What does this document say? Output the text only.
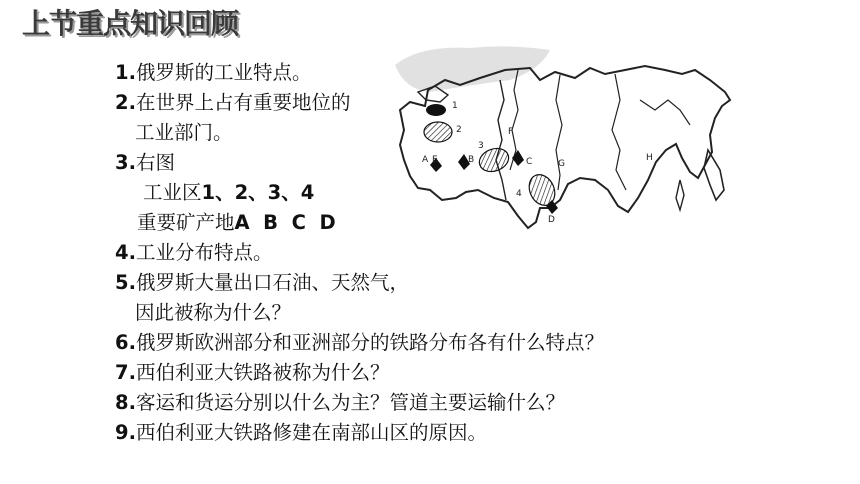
上节重点知识回顾
1.俄罗斯的工业特点。
2.在世界上占有重要地位的
工业部门。
3.右图
工业区1、2、3、4
重要矿产地A  B  C  D
4.工业分布特点。
5.俄罗斯大量出口石油、天然气，
因此被称为什么？
6.俄罗斯欧洲部分和亚洲部分的铁路分布各有什么特点？
7.西伯利亚大铁路被称为什么？
8.客运和货运分别以什么为主？管道主要运输什么？
9.西伯利亚大铁路修建在南部山区的原因。
1
2
3
4
A E	B	C
D
F
G
H
